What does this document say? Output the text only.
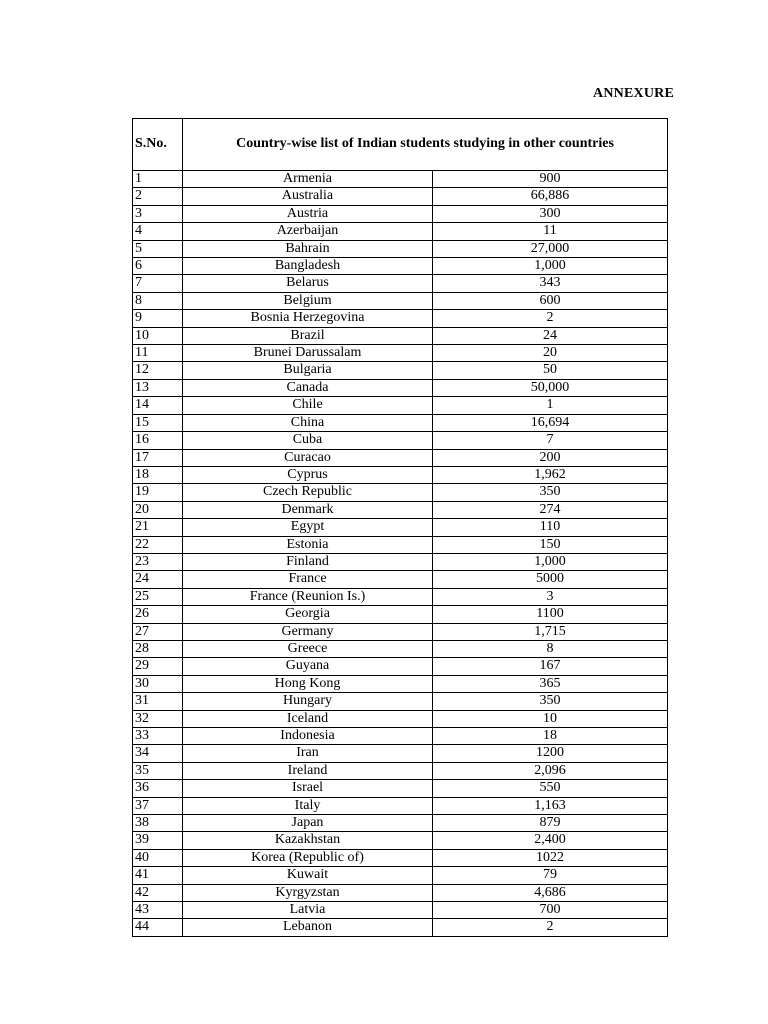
ANNEXURE
S.No.	Country-wise list of Indian students studying in other countries	
1	Armenia	900
2	Australia	66,886
3	Austria	300
4	Azerbaijan	11
5	Bahrain	27,000
6	Bangladesh	1,000
7	Belarus	343
8	Belgium	600
9	Bosnia Herzegovina	2
10	Brazil	24
11	Brunei Darussalam	20
12	Bulgaria	50
13	Canada	50,000
14	Chile	1
15	China	16,694
16	Cuba	7
17	Curacao	200
18	Cyprus	1,962
19	Czech Republic	350
20	Denmark	274
21	Egypt	110
22	Estonia	150
23	Finland	1,000
24	France	5000
25	France (Reunion Is.)	3
26	Georgia	1100
27	Germany	1,715
28	Greece	8
29	Guyana	167
30	Hong Kong	365
31	Hungary	350
32	Iceland	10
33	Indonesia	18
34	Iran	1200
35	Ireland	2,096
36	Israel	550
37	Italy	1,163
38	Japan	879
39	Kazakhstan	2,400
40	Korea (Republic of)	1022
41	Kuwait	79
42	Kyrgyzstan	4,686
43	Latvia	700
44	Lebanon	2
